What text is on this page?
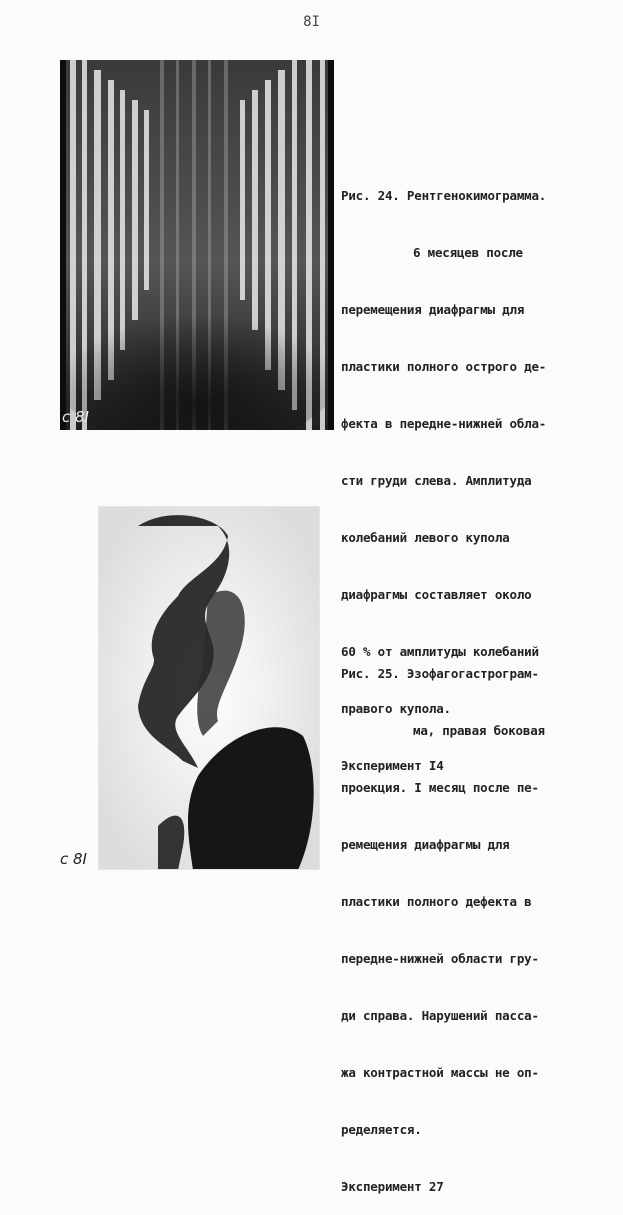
8I
с 8I

Рис. 24. Рентгенокимограмма.

6 месяцев после

перемещения диафрагмы для

пластики полного острого де-

фекта в передне-нижней обла-

сти груди слева. Амплитуда

колебаний левого купола

диафрагмы составляет около

60 % от амплитуды колебаний

правого купола.

Эксперимент I4

с 8I

Рис. 25. Эзофагогастрограм-

ма, правая боковая

проекция. I месяц после пе-

ремещения диафрагмы для

пластики полного дефекта в

передне-нижней области гру-

ди справа. Нарушений пасса-

жа контрастной массы не оп-

ределяется.

Эксперимент 27
